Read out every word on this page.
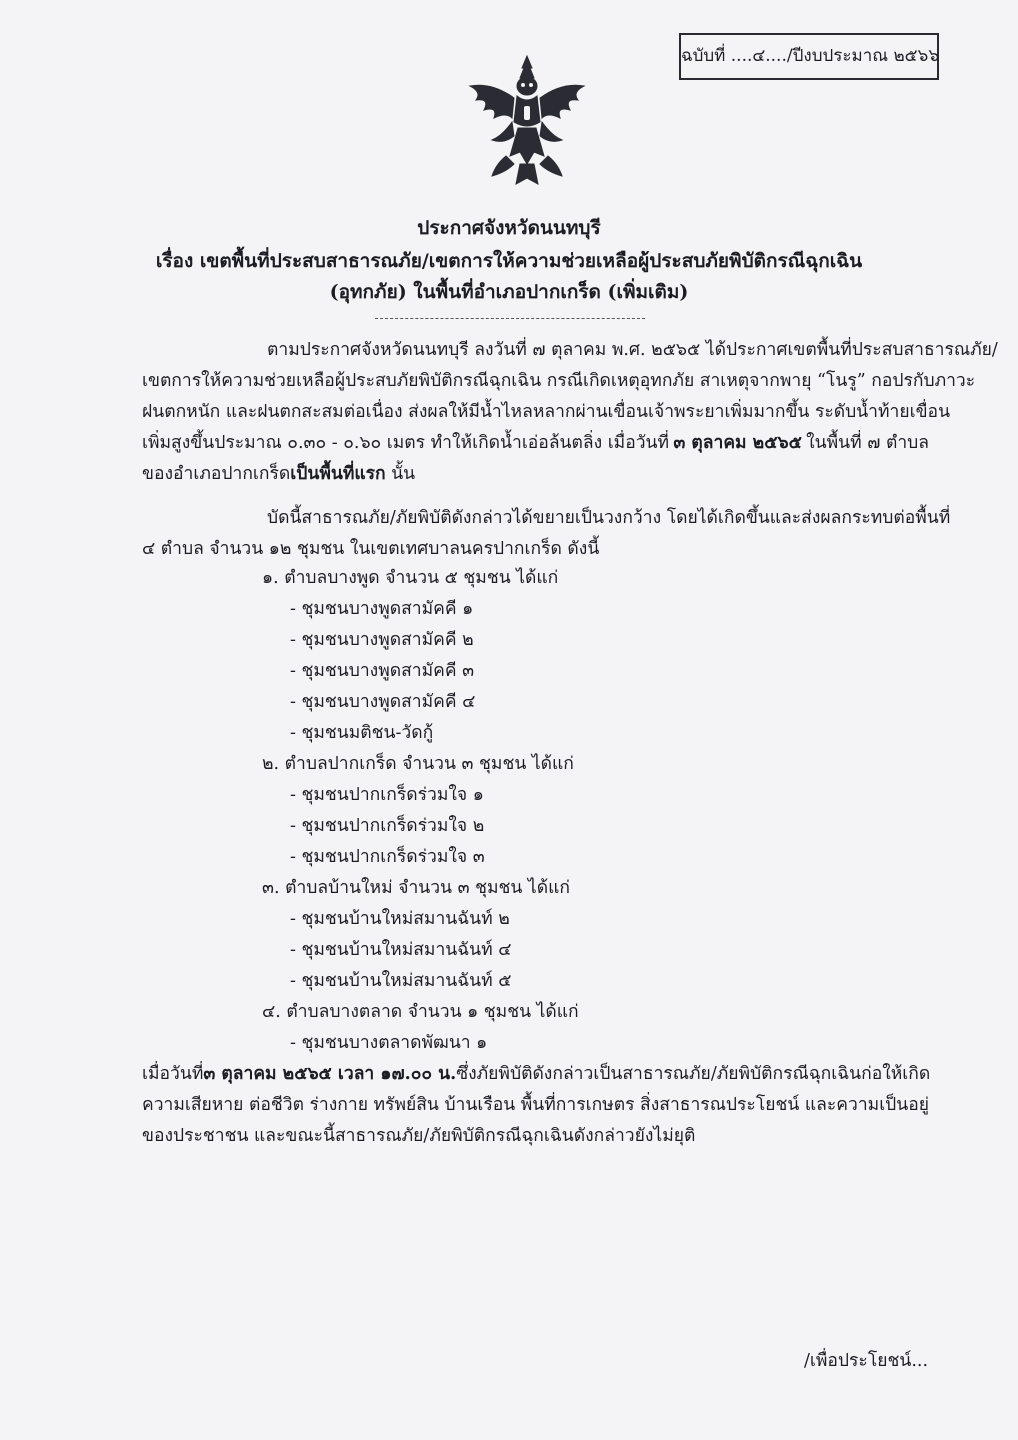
ฉบับที่ ....๔..../ปีงบประมาณ ๒๕๖๖
ประกาศจังหวัดนนทบุรี
เรื่อง เขตพื้นที่ประสบสาธารณภัย/เขตการให้ความช่วยเหลือผู้ประสบภัยพิบัติกรณีฉุกเฉิน
(อุทกภัย) ในพื้นที่อำเภอปากเกร็ด (เพิ่มเติม)
ตามประกาศจังหวัดนนทบุรี ลงวันที่ ๗ ตุลาคม พ.ศ. ๒๕๖๕ ได้ประกาศเขตพื้นที่ประสบสาธารณภัย/
เขตการให้ความช่วยเหลือผู้ประสบภัยพิบัติกรณีฉุกเฉิน กรณีเกิดเหตุอุทกภัย สาเหตุจากพายุ “โนรู” กอปรกับภาวะ
ฝนตกหนัก และฝนตกสะสมต่อเนื่อง ส่งผลให้มีน้ำไหลหลากผ่านเขื่อนเจ้าพระยาเพิ่มมากขึ้น ระดับน้ำท้ายเขื่อน
เพิ่มสูงขึ้นประมาณ ๐.๓๐ - ๐.๖๐ เมตร ทำให้เกิดน้ำเอ่อล้นตลิ่ง เมื่อวันที่ ๓ ตุลาคม ๒๕๖๕ ในพื้นที่ ๗ ตำบล
ของอำเภอปากเกร็ดเป็นพื้นที่แรก นั้น
บัดนี้สาธารณภัย/ภัยพิบัติดังกล่าวได้ขยายเป็นวงกว้าง โดยได้เกิดขึ้นและส่งผลกระทบต่อพื้นที่
๔ ตำบล จำนวน ๑๒ ชุมชน ในเขตเทศบาลนครปากเกร็ด ดังนี้
๑. ตำบลบางพูด จำนวน ๕ ชุมชน ได้แก่
- ชุมชนบางพูดสามัคคี ๑
- ชุมชนบางพูดสามัคคี ๒
- ชุมชนบางพูดสามัคคี ๓
- ชุมชนบางพูดสามัคคี ๔
- ชุมชนมติชน-วัดกู้
๒. ตำบลปากเกร็ด จำนวน ๓ ชุมชน ได้แก่
- ชุมชนปากเกร็ดร่วมใจ ๑
- ชุมชนปากเกร็ดร่วมใจ ๒
- ชุมชนปากเกร็ดร่วมใจ ๓
๓. ตำบลบ้านใหม่ จำนวน ๓ ชุมชน ได้แก่
- ชุมชนบ้านใหม่สมานฉันท์ ๒
- ชุมชนบ้านใหม่สมานฉันท์ ๔
- ชุมชนบ้านใหม่สมานฉันท์ ๕
๔. ตำบลบางตลาด จำนวน ๑ ชุมชน ได้แก่
- ชุมชนบางตลาดพัฒนา ๑
เมื่อวันที่ ๓ ตุลาคม ๒๕๖๕ เวลา ๑๗.๐๐ น. ซึ่งภัยพิบัติดังกล่าวเป็นสาธารณภัย/ภัยพิบัติกรณีฉุกเฉินก่อให้เกิด
ความเสียหาย ต่อชีวิต ร่างกาย ทรัพย์สิน บ้านเรือน พื้นที่การเกษตร สิ่งสาธารณประโยชน์ และความเป็นอยู่
ของประชาชน และขณะนี้สาธารณภัย/ภัยพิบัติกรณีฉุกเฉินดังกล่าวยังไม่ยุติ
/เพื่อประโยชน์...
